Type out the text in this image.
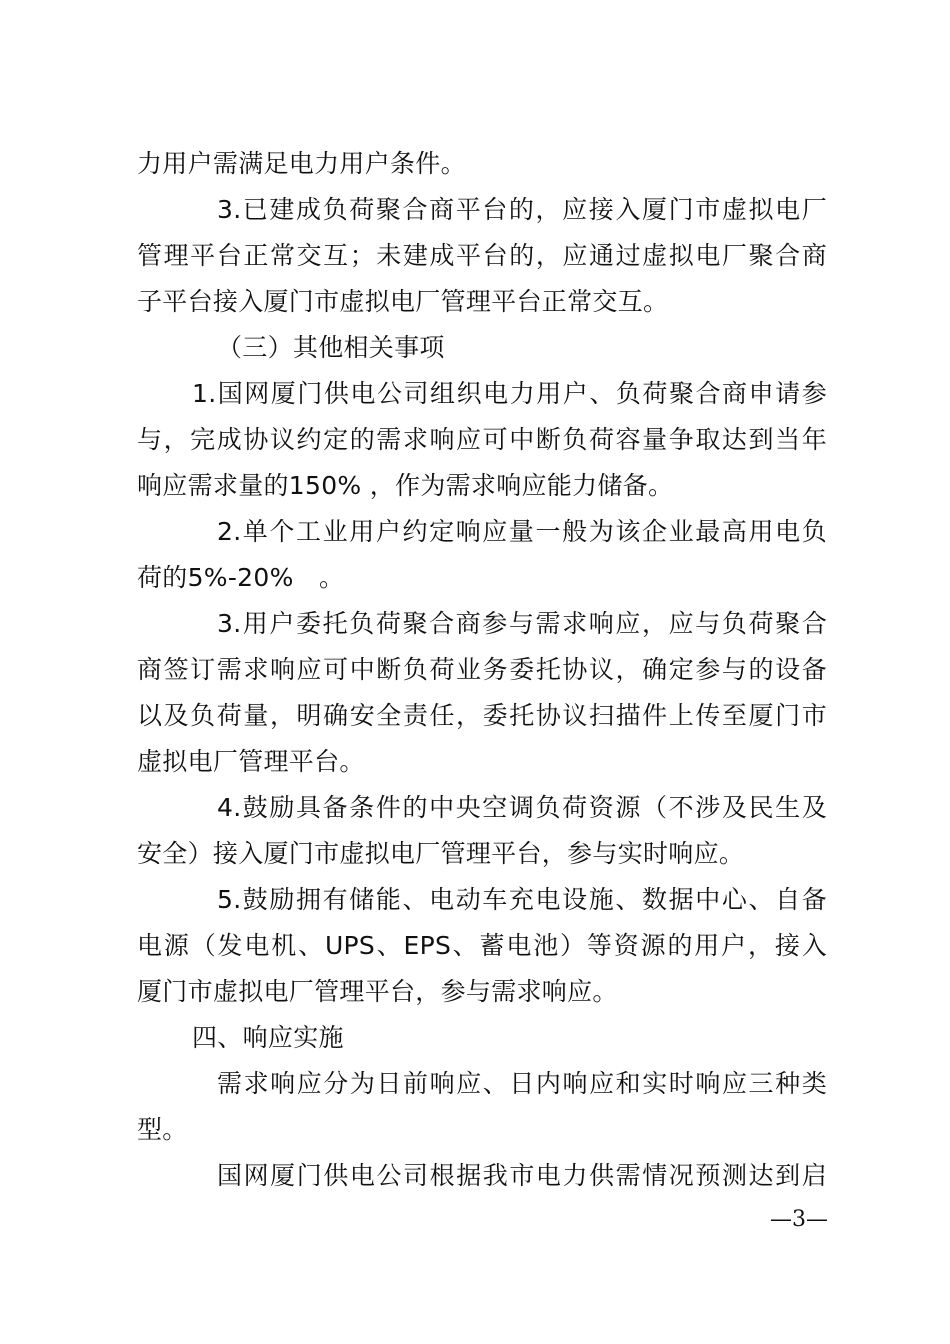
力用户需满足电力用户条件。
3.已建成负荷聚合商平台的，应接入厦门市虚拟电厂
管理平台正常交互；未建成平台的，应通过虚拟电厂聚合商
子平台接入厦门市虚拟电厂管理平台正常交互。
（三）其他相关事项
1.国网厦门供电公司组织电力用户、负荷聚合商申请参
与，完成协议约定的需求响应可中断负荷容量争取达到当年
响应需求量的150% ，作为需求响应能力储备。
2.单个工业用户约定响应量一般为该企业最高用电负
荷的5%-20%　。
3.用户委托负荷聚合商参与需求响应，应与负荷聚合
商签订需求响应可中断负荷业务委托协议，确定参与的设备
以及负荷量，明确安全责任，委托协议扫描件上传至厦门市
虚拟电厂管理平台。
4.鼓励具备条件的中央空调负荷资源（不涉及民生及
安全）接入厦门市虚拟电厂管理平台，参与实时响应。
5.鼓励拥有储能、电动车充电设施、数据中心、自备
电源（发电机、UPS、EPS、蓄电池）等资源的用户，接入
厦门市虚拟电厂管理平台，参与需求响应。
四、响应实施
需求响应分为日前响应、日内响应和实时响应三种类
型。
国网厦门供电公司根据我市电力供需情况预测达到启
—3—
